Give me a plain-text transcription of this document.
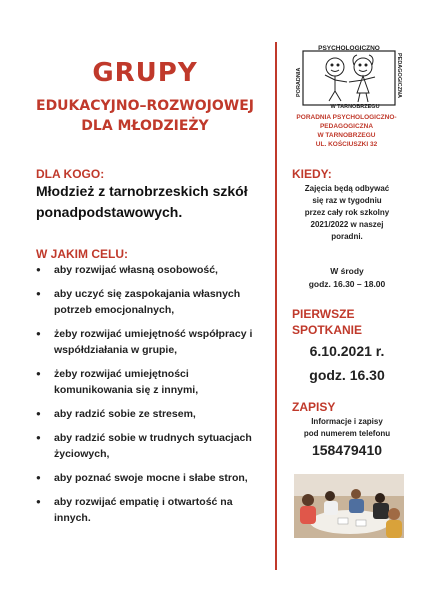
GRUPY
EDUKACYJNO–ROZWOJOWEJ
DLA MŁODZIEŻY
DLA KOGO:
Młodzież z tarnobrzeskich szkół ponadpodstawowych.
W JAKIM CELU:
● aby rozwijać własną osobowość,
● aby uczyć się zaspokajania własnych potrzeb emocjonalnych,
● żeby rozwijać umiejętność współpracy i współdziałania w grupie,
● żeby rozwijać umiejętności komunikowania się z innymi,
● aby radzić sobie ze stresem,
● aby radzić sobie w trudnych sytuacjach życiowych,
● aby poznać swoje mocne i słabe stron,
● aby rozwijać empatię i otwartość na innych.
PSYCHOLOGICZNO
W TARNOBRZEGU
PORADNIA	PEDAGOGICZNA
PORADNIA PSYCHOLOGICZNO-
PEDAGOGICZNA
W TARNOBRZEGU
UL. KOŚCIUSZKI 32
KIEDY:
Zajęcia będą odbywać
się raz w tygodniu
przez cały rok szkolny
2021/2022 w naszej
poradni.
W środy
godz. 16.30 – 18.00
PIERWSZE
SPOTKANIE
6.10.2021 r.
godz. 16.30
ZAPISY
Informacje i zapisy
pod numerem telefonu
158479410
